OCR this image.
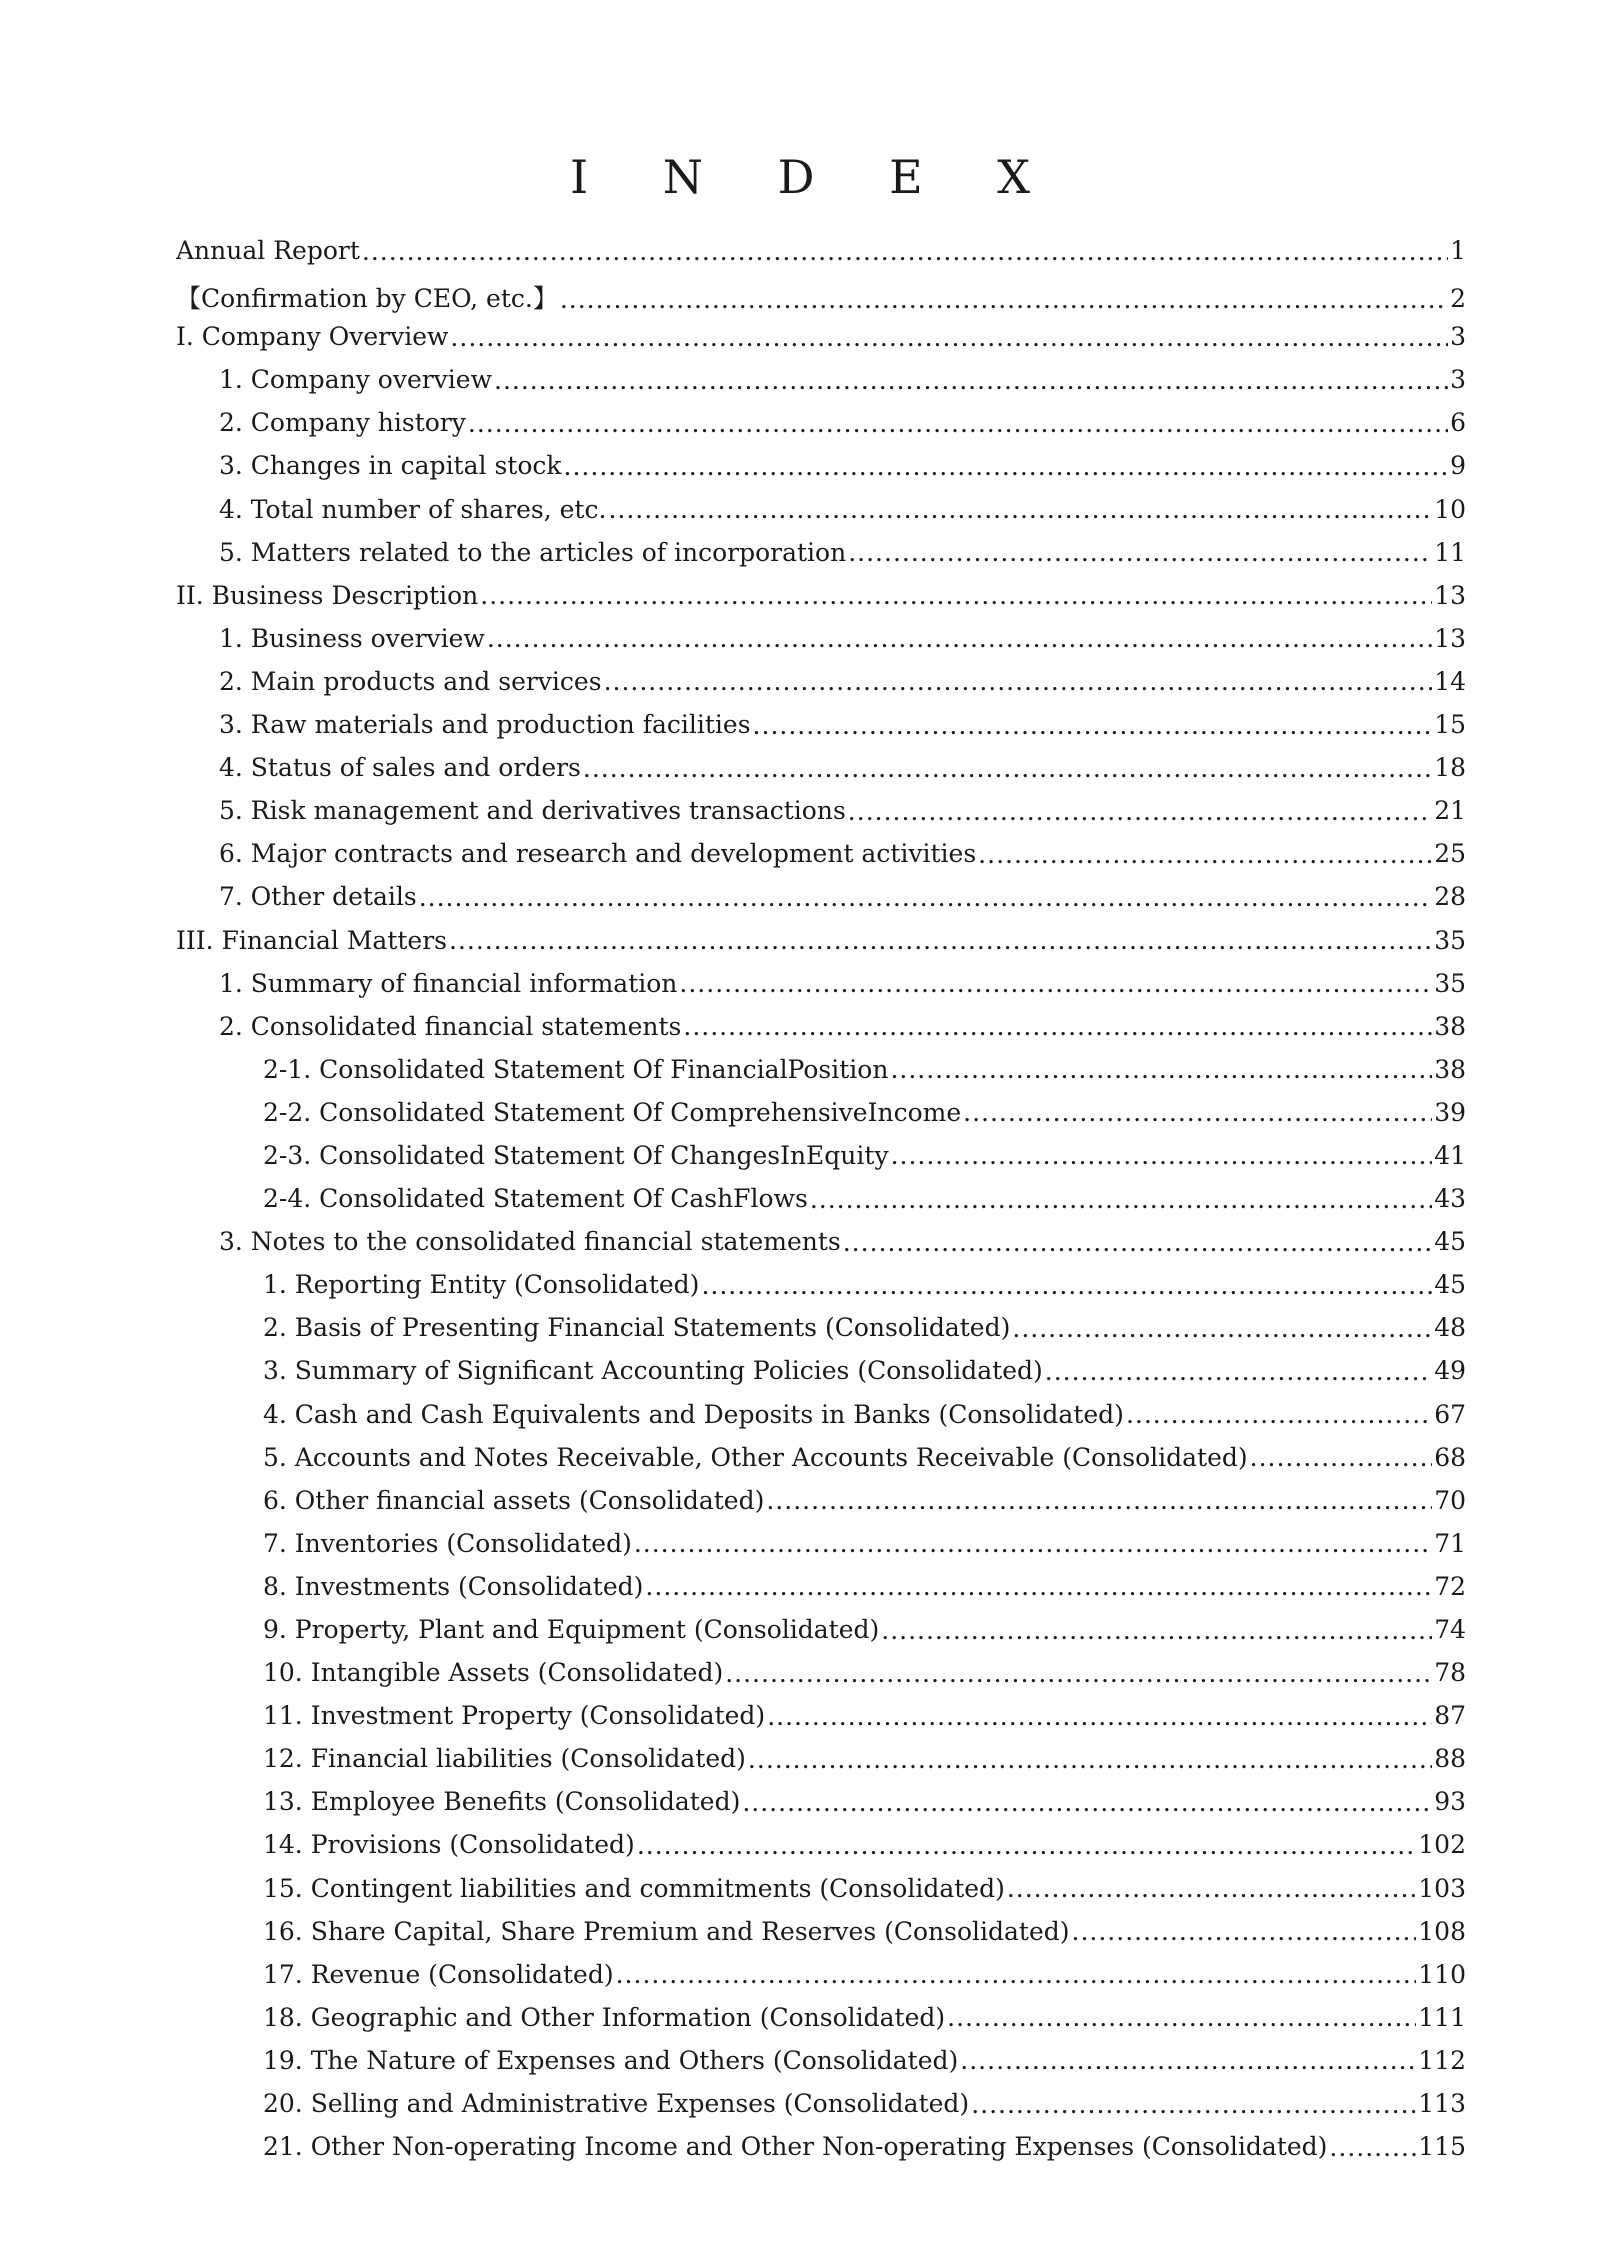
I N D E X
Annual Report .....	1
【Confirmation by CEO, etc.】 .....	2
I. Company Overview .....	3
1. Company overview .....	3
2. Company history .....	6
3. Changes in capital stock .....	9
4. Total number of shares, etc. .....	10
5. Matters related to the articles of incorporation .....	11
II. Business Description .....	13
1. Business overview .....	13
2. Main products and services .....	14
3. Raw materials and production facilities .....	15
4. Status of sales and orders .....	18
5. Risk management and derivatives transactions .....	21
6. Major contracts and research and development activities .....	25
7. Other details .....	28
III. Financial Matters .....	35
1. Summary of financial information .....	35
2. Consolidated financial statements .....	38
2-1. Consolidated Statement Of FinancialPosition .....	38
2-2. Consolidated Statement Of ComprehensiveIncome .....	39
2-3. Consolidated Statement Of ChangesInEquity .....	41
2-4. Consolidated Statement Of CashFlows .....	43
3. Notes to the consolidated financial statements .....	45
1. Reporting Entity (Consolidated) .....	45
2. Basis of Presenting Financial Statements (Consolidated) .....	48
3. Summary of Significant Accounting Policies (Consolidated) .....	49
4. Cash and Cash Equivalents and Deposits in Banks (Consolidated) .....	67
5. Accounts and Notes Receivable, Other Accounts Receivable (Consolidated) .....	68
6. Other financial assets (Consolidated) .....	70
7. Inventories (Consolidated) .....	71
8. Investments (Consolidated) .....	72
9. Property, Plant and Equipment (Consolidated) .....	74
10. Intangible Assets (Consolidated) .....	78
11. Investment Property (Consolidated) .....	87
12. Financial liabilities (Consolidated) .....	88
13. Employee Benefits (Consolidated) .....	93
14. Provisions (Consolidated) .....	102
15. Contingent liabilities and commitments (Consolidated) .....	103
16. Share Capital, Share Premium and Reserves (Consolidated) .....	108
17. Revenue (Consolidated) .....	110
18. Geographic and Other Information (Consolidated) .....	111
19. The Nature of Expenses and Others (Consolidated) .....	112
20. Selling and Administrative Expenses (Consolidated) .....	113
21. Other Non-operating Income and Other Non-operating Expenses (Consolidated) .....	115
